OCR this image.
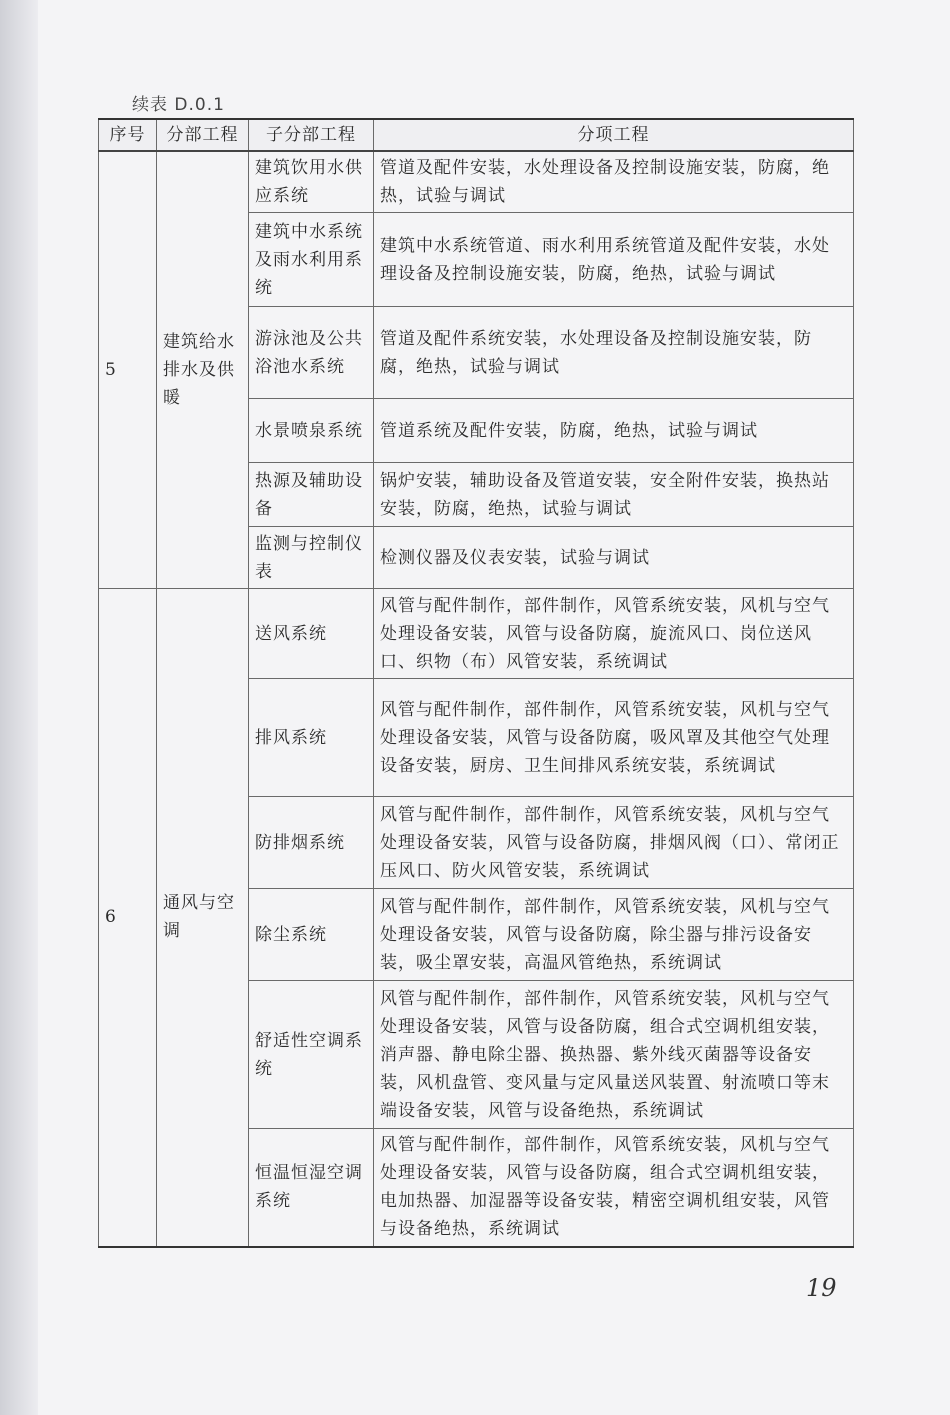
续表 D.0.1
序号	分部工程	子分部工程	分项工程
5	建筑给水排水及供暖	建筑饮用水供应系统	管道及配件安装，水处理设备及控制设施安装，防腐，绝热，试验与调试
		建筑中水系统及雨水利用系统	建筑中水系统管道、雨水利用系统管道及配件安装，水处理设备及控制设施安装，防腐，绝热，试验与调试
		游泳池及公共浴池水系统	管道及配件系统安装，水处理设备及控制设施安装，防腐，绝热，试验与调试
		水景喷泉系统	管道系统及配件安装，防腐，绝热，试验与调试
		热源及辅助设备	锅炉安装，辅助设备及管道安装，安全附件安装，换热站安装，防腐，绝热，试验与调试
		监测与控制仪表	检测仪器及仪表安装，试验与调试
6	通风与空调	送风系统	风管与配件制作，部件制作，风管系统安装，风机与空气处理设备安装，风管与设备防腐，旋流风口、岗位送风口、织物（布）风管安装，系统调试
		排风系统	风管与配件制作，部件制作，风管系统安装，风机与空气处理设备安装，风管与设备防腐，吸风罩及其他空气处理设备安装，厨房、卫生间排风系统安装，系统调试
		防排烟系统	风管与配件制作，部件制作，风管系统安装，风机与空气处理设备安装，风管与设备防腐，排烟风阀（口）、常闭正压风口、防火风管安装，系统调试
		除尘系统	风管与配件制作，部件制作，风管系统安装，风机与空气处理设备安装，风管与设备防腐，除尘器与排污设备安装，吸尘罩安装，高温风管绝热，系统调试
		舒适性空调系统	风管与配件制作，部件制作，风管系统安装，风机与空气处理设备安装，风管与设备防腐，组合式空调机组安装，消声器、静电除尘器、换热器、紫外线灭菌器等设备安装，风机盘管、变风量与定风量送风装置、射流喷口等末端设备安装，风管与设备绝热，系统调试
		恒温恒湿空调系统	风管与配件制作，部件制作，风管系统安装，风机与空气处理设备安装，风管与设备防腐，组合式空调机组安装，电加热器、加湿器等设备安装，精密空调机组安装，风管与设备绝热，系统调试
19
